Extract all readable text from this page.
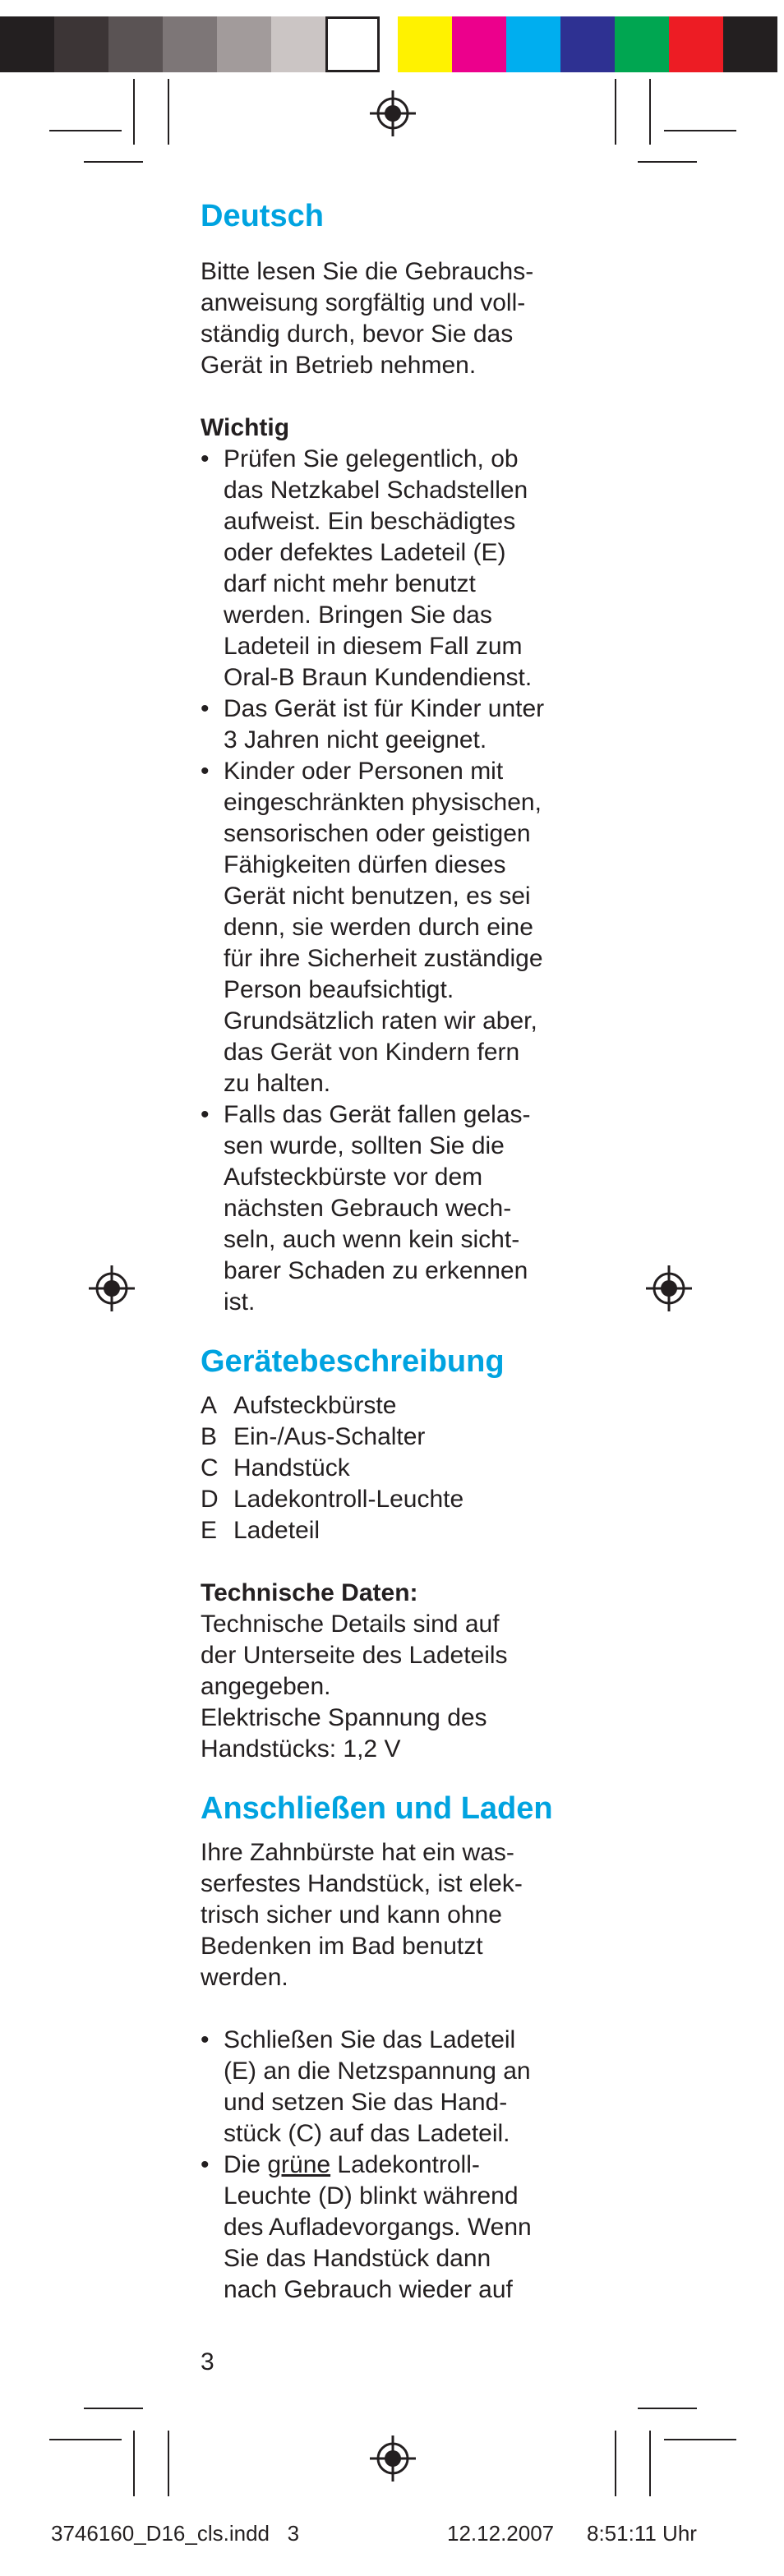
Deutsch

Bitte lesen Sie die Gebrauchs-
anweisung sorgfältig und voll-
ständig durch, bevor Sie das
Gerät in Betrieb nehmen.

Wichtig
• Prüfen Sie gelegentlich, ob
das Netzkabel Schadstellen
aufweist. Ein beschädigtes
oder defektes Ladeteil (E)
darf nicht mehr benutzt
werden. Bringen Sie das
Ladeteil in diesem Fall zum
Oral-B Braun Kundendienst.
• Das Gerät ist für Kinder unter
3 Jahren nicht geeignet.
• Kinder oder Personen mit
eingeschränkten physischen,
sensorischen oder geistigen
Fähigkeiten dürfen dieses
Gerät nicht benutzen, es sei
denn, sie werden durch eine
für ihre Sicherheit zuständige
Person beaufsichtigt.
Grundsätzlich raten wir aber,
das Gerät von Kindern fern
zu halten.
• Falls das Gerät fallen gelas-
sen wurde, sollten Sie die
Aufsteckbürste vor dem
nächsten Gebrauch wech-
seln, auch wenn kein sicht-
barer Schaden zu erkennen
ist.
Gerätebeschreibung
A Aufsteckbürste
B Ein-/Aus-Schalter
C Handstück
D Ladekontroll-Leuchte
E Ladeteil
Technische Daten:

Technische Details sind auf
der Unterseite des Ladeteils
angegeben.
Elektrische Spannung des
Handstücks: 1,2 V

Anschließen und Laden

Ihre Zahnbürste hat ein was-
serfestes Handstück, ist elek-
trisch sicher und kann ohne
Bedenken im Bad benutzt
werden.

• Schließen Sie das Ladeteil
(E) an die Netzspannung an
und setzen Sie das Hand-
stück (C) auf das Ladeteil.
• Die grüne Ladekontroll-
Leuchte (D) blinkt während
des Aufladevorgangs. Wenn
Sie das Handstück dann
nach Gebrauch wieder auf
3
3746160_D16_cls.indd   3	12.12.2007 8:51:11 Uhr
